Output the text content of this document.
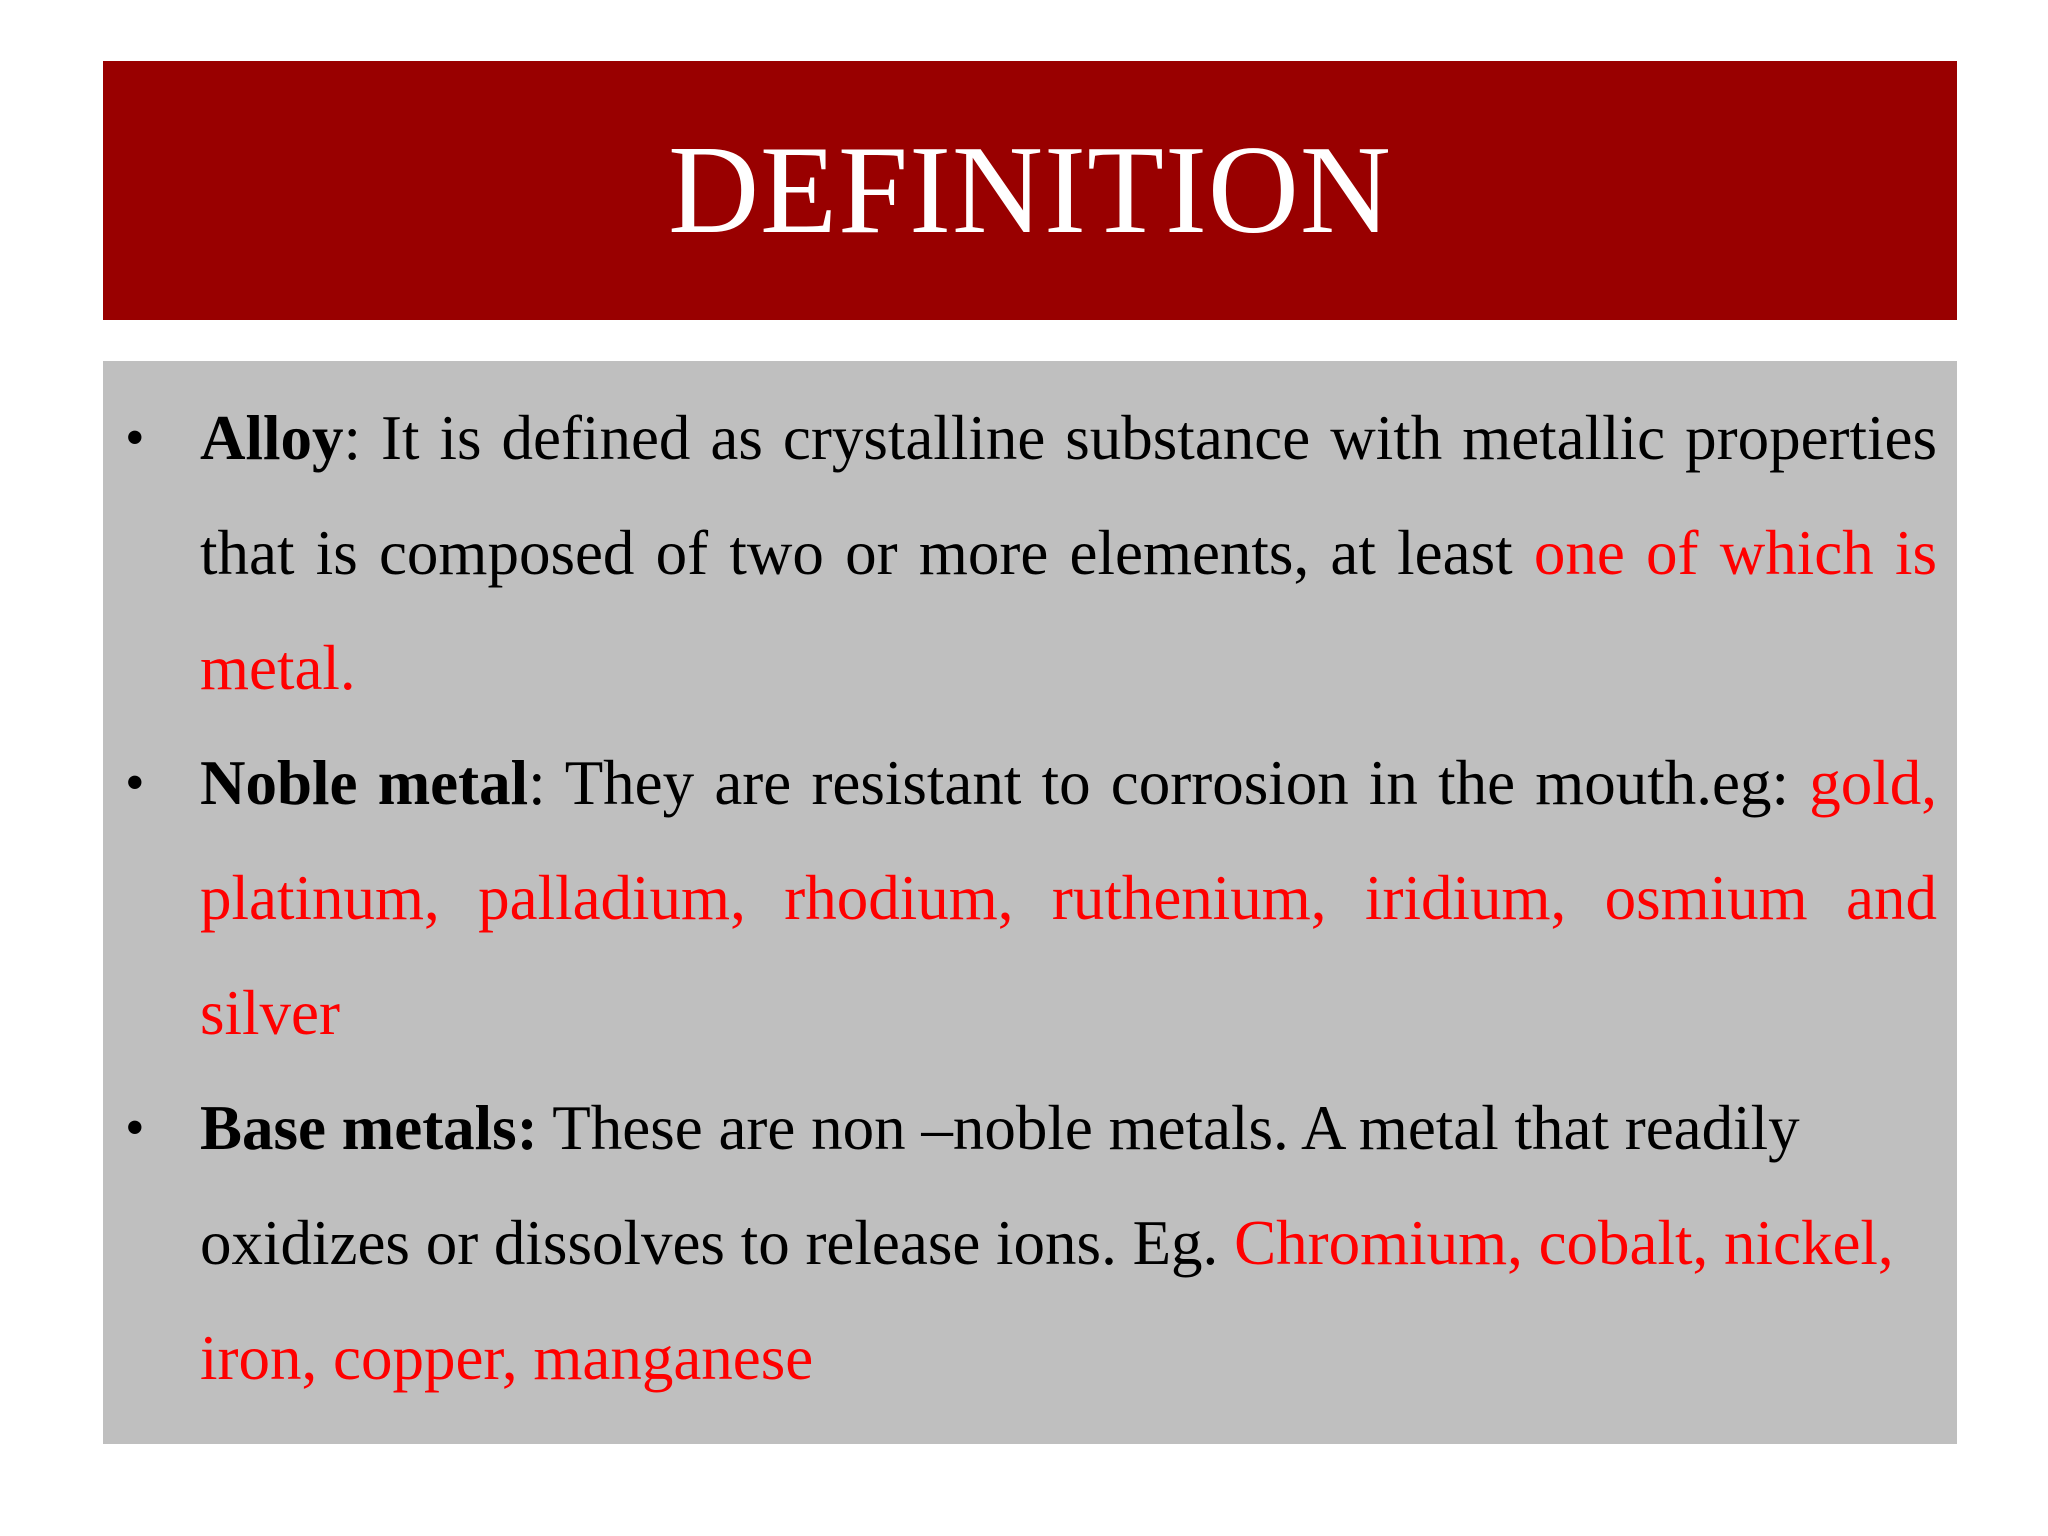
DEFINITION
• Alloy: It is defined as crystalline substance with metallic properties that is composed of two or more elements, at least one of which is metal.
• Noble metal: They are resistant to corrosion in the mouth.eg: gold, platinum, palladium, rhodium, ruthenium, iridium, osmium and silver
• Base metals: These are non –noble metals. A metal that readily oxidizes or dissolves to release ions. Eg. Chromium, cobalt, nickel, iron, copper, manganese
